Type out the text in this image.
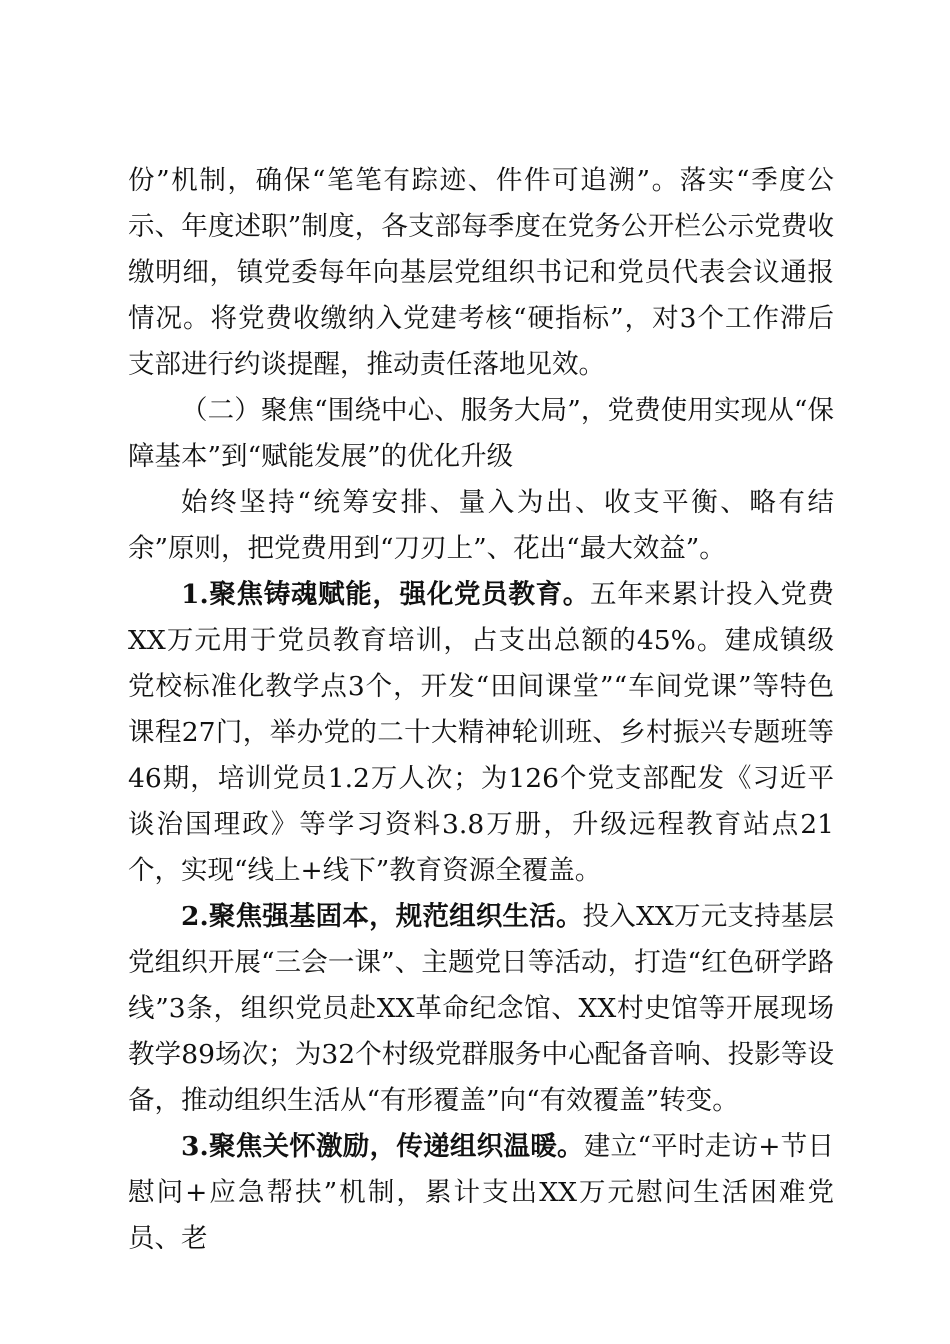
份”机制，确保“笔笔有踪迹、件件可追溯”。落实“季度公示、年度述职”制度，各支部每季度在党务公开栏公示党费收缴明细，镇党委每年向基层党组织书记和党员代表会议通报情况。将党费收缴纳入党建考核“硬指标”，对3个工作滞后支部进行约谈提醒，推动责任落地见效。

（二）聚焦“围绕中心、服务大局”，党费使用实现从“保障基本”到“赋能发展”的优化升级

始终坚持“统筹安排、量入为出、收支平衡、略有结余”原则，把党费用到“刀刃上”、花出“最大效益”。

1.聚焦铸魂赋能，强化党员教育。五年来累计投入党费XX万元用于党员教育培训，占支出总额的45%。建成镇级党校标准化教学点3个，开发“田间课堂”“车间党课”等特色课程27门，举办党的二十大精神轮训班、乡村振兴专题班等46期，培训党员1.2万人次；为126个党支部配发《习近平谈治国理政》等学习资料3.8万册，升级远程教育站点21个，实现“线上+线下”教育资源全覆盖。

2.聚焦强基固本，规范组织生活。投入XX万元支持基层党组织开展“三会一课”、主题党日等活动，打造“红色研学路线”3条，组织党员赴XX革命纪念馆、XX村史馆等开展现场教学89场次；为32个村级党群服务中心配备音响、投影等设备，推动组织生活从“有形覆盖”向“有效覆盖”转变。

3.聚焦关怀激励，传递组织温暖。建立“平时走访+节日慰问+应急帮扶”机制，累计支出XX万元慰问生活困难党员、老
